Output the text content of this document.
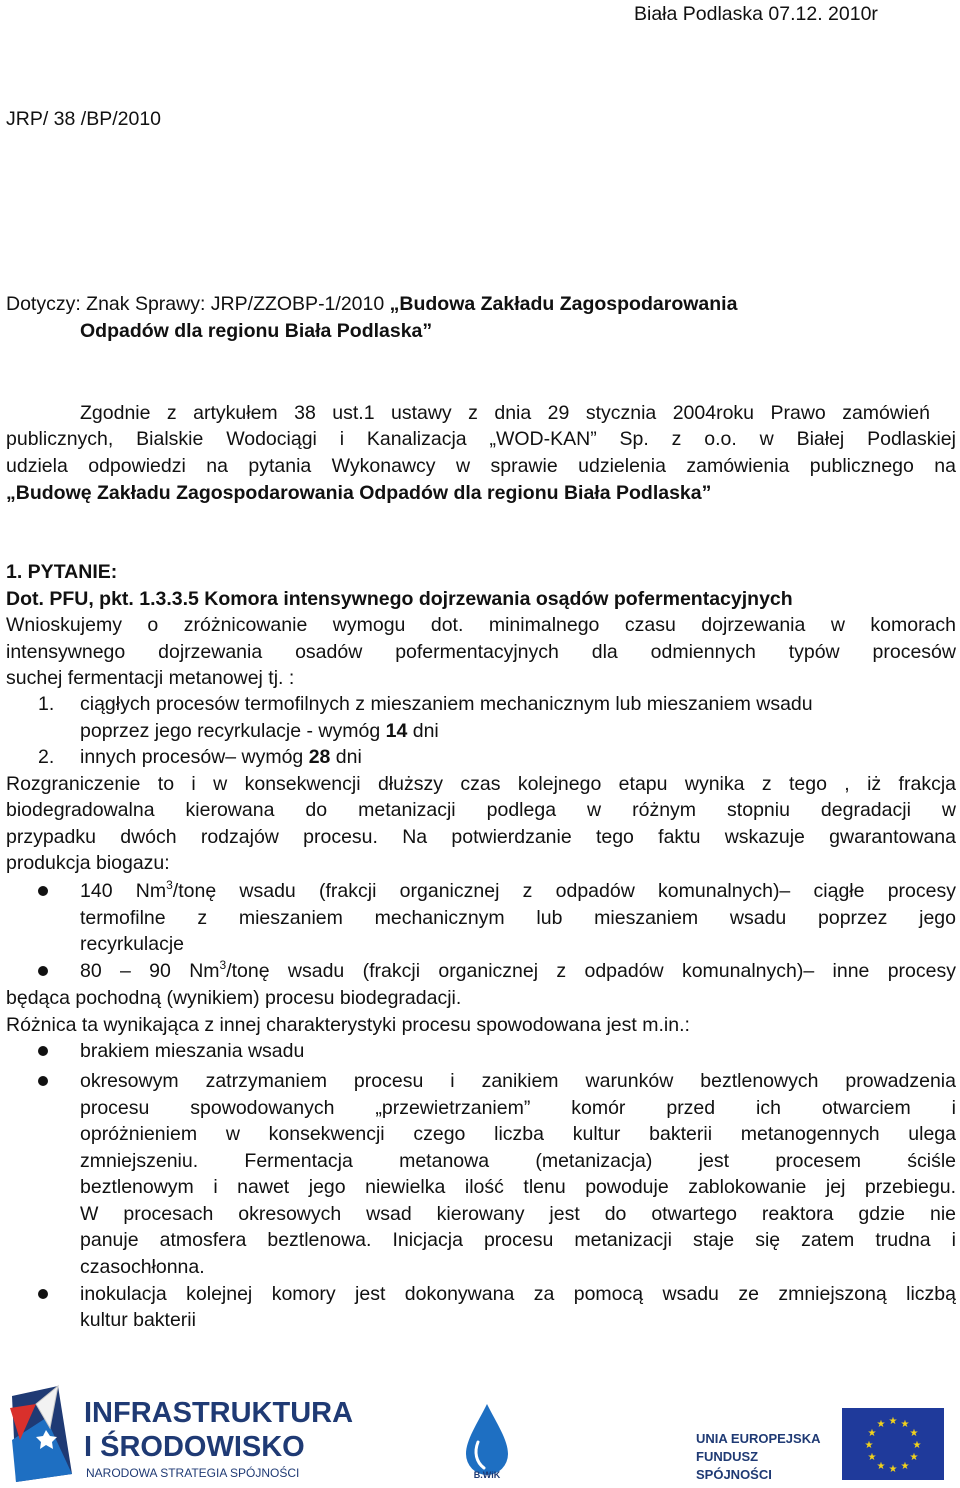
Biała Podlaska 07.12. 2010r
JRP/ 38 /BP/2010
Dotyczy: Znak Sprawy: JRP/ZZOBP-1/2010 „Budowa Zakładu Zagospodarowania
Odpadów dla regionu Biała Podlaska”
Zgodnie z artykułem 38 ust.1 ustawy z dnia 29 stycznia 2004roku Prawo zamówień
publicznych, Bialskie Wodociągi i Kanalizacja „WOD-KAN” Sp. z o.o. w Białej Podlaskiej
udziela odpowiedzi na pytania Wykonawcy w sprawie udzielenia zamówienia publicznego na
„Budowę Zakładu Zagospodarowania Odpadów dla regionu Biała Podlaska”
1. PYTANIE:
Dot. PFU, pkt. 1.3.3.5 Komora intensywnego dojrzewania osądów pofermentacyjnych
Wnioskujemy o zróżnicowanie wymogu dot. minimalnego czasu dojrzewania w komorach
intensywnego dojrzewania osadów pofermentacyjnych dla odmiennych typów procesów
suchej fermentacji metanowej tj. :
1. ciągłych procesów termofilnych z mieszaniem mechanicznym lub mieszaniem wsadu
poprzez jego recyrkulacje - wymóg 14 dni
2. innych procesów– wymóg 28 dni
Rozgraniczenie to i w konsekwencji dłuższy czas kolejnego etapu wynika z tego , iż frakcja
biodegradowalna kierowana do metanizacji podlega w różnym stopniu degradacji w
przypadku dwóch rodzajów procesu. Na potwierdzanie tego faktu wskazuje gwarantowana
produkcja biogazu:
140 Nm$^3$/tonę wsadu (frakcji organicznej z odpadów komunalnych)– ciągłe procesy
termofilne z mieszaniem mechanicznym lub mieszaniem wsadu poprzez jego
recyrkulacje
80 – 90 Nm$^3$/tonę wsadu (frakcji organicznej z odpadów komunalnych)– inne procesy
będąca pochodną (wynikiem) procesu biodegradacji.
Różnica ta wynikająca z innej charakterystyki procesu spowodowana jest m.in.:
brakiem mieszania wsadu
okresowym zatrzymaniem procesu i zanikiem warunków beztlenowych prowadzenia
procesu spowodowanych „przewietrzaniem” komór przed ich otwarciem i
opróżnieniem w konsekwencji czego liczba kultur bakterii metanogennych ulega
zmniejszeniu. Fermentacja metanowa (metanizacja) jest procesem ściśle
beztlenowym i nawet jego niewielka ilość tlenu powoduje zablokowanie jej przebiegu.
W procesach okresowych wsad kierowany jest do otwartego reaktora gdzie nie
panuje atmosfera beztlenowa. Inicjacja procesu metanizacji staje się zatem trudna i
czasochłonna.
inokulacja kolejnej komory jest dokonywana za pomocą wsadu ze zmniejszoną liczbą
kultur bakterii
INFRASTRUKTURA
I ŚRODOWISKO
NARODOWA STRATEGIA SPÓJNOŚCI	B.WiK
UNIA EUROPEJSKA
FUNDUSZ SPÓJNOŚCI
★ ★
★
★
★
★
★
★
★
★
★
★
